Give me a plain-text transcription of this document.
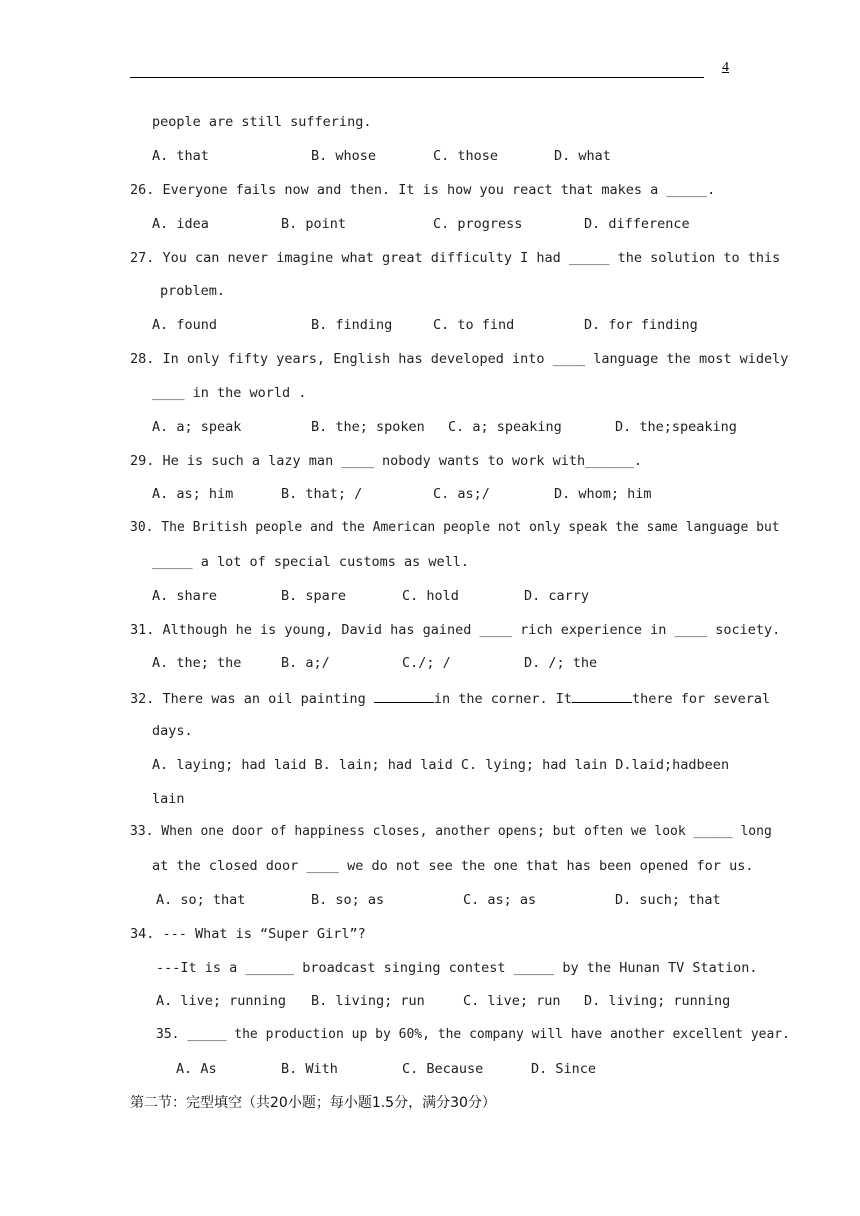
4
people are still suffering.
A. that	B. whose	C. those	D. what
26. Everyone fails now and then. It is how you react that makes a _____.
A. idea	B. point	C. progress	D. difference
27. You can never imagine what great difficulty I had _____ the solution to this
problem.
A. found	B. finding	C. to find	D. for finding
28. In only fifty years, English has developed into ____ language the most widely
____ in the world .
A. a; speak	B. the; spoken C. a; speaking	D. the;speaking
29. He is such a lazy man ____ nobody wants to work with______.
A. as; him	B. that; /	C. as;/	D. whom; him
30. The British people and the American people not only speak the same language but
_____ a lot of special customs as well.
A. share	B. spare	C. hold	D. carry
31. Although he is young, David has gained ____ rich experience in ____ society.
A. the; the	B. a;/	C./; /	D. /; the
32. There was an oil painting	in the corner. It	there for several
days.
A. laying; had laid B. lain; had laid C. lying; had lain D.laid;hadbeen
lain
33. When one door of happiness closes, another opens; but often we look _____ long
at the closed door ____ we do not see the one that has been opened for us.
A. so; that	B. so; as	C. as; as	D. such; that
34. --- What is “Super Girl”?
---It is a ______ broadcast singing contest _____ by the Hunan TV Station.
A. live; running B. living; run	C. live; run D. living; running
35. _____ the production up by 60%, the company will have another excellent year.
A. As	B. With	C. Because	D. Since
第二节：完型填空（共20小题；每小题1.5分，满分30分）
